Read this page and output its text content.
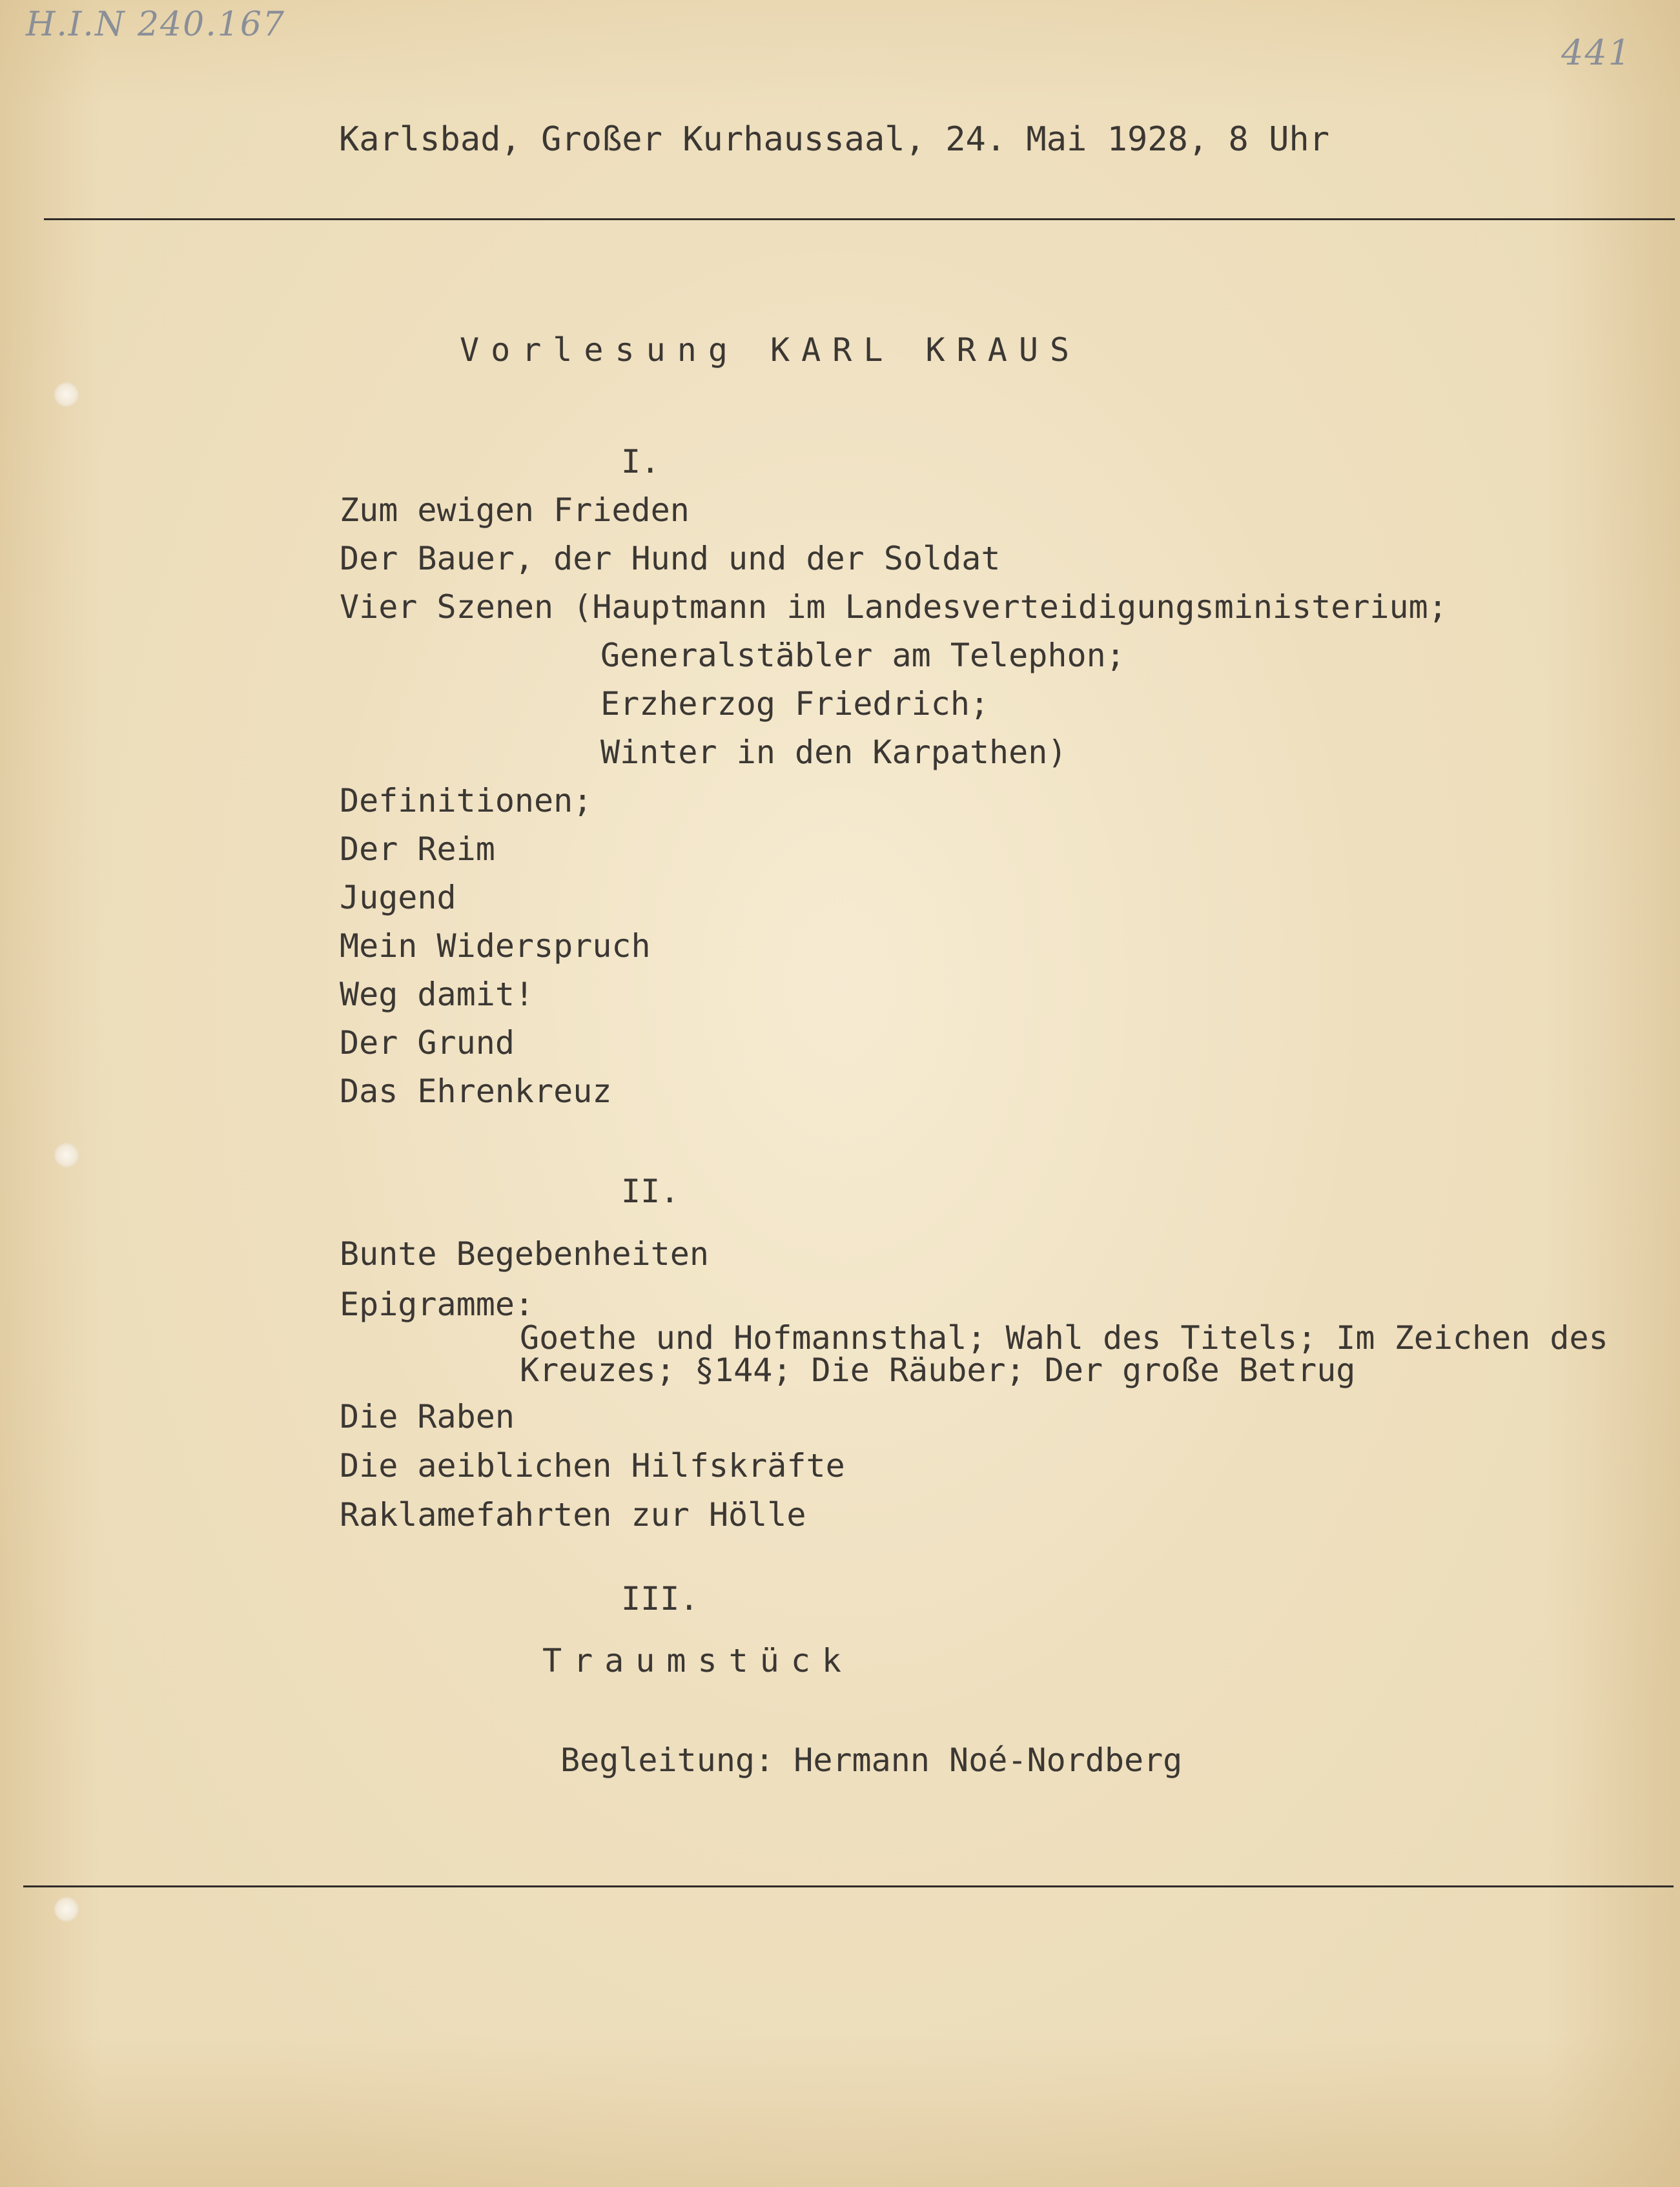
H.I.N 240.167
441
Karlsbad, Großer Kurhaussaal, 24. Mai 1928, 8 Uhr
Vorlesung KARL KRAUS
I.
Zum ewigen Frieden
Der Bauer, der Hund und der Soldat
Vier Szenen (Hauptmann im Landesverteidigungsministerium;
Generalstäbler am Telephon;
Erzherzog Friedrich;
Winter in den Karpathen)
Definitionen;
Der Reim
Jugend
Mein Widerspruch
Weg damit!
Der Grund
Das Ehrenkreuz
II.
Bunte Begebenheiten
Epigramme:
Goethe und Hofmannsthal; Wahl des Titels; Im Zeichen des
Kreuzes; §144; Die Räuber; Der große Betrug
Die Raben
Die aeiblichen Hilfskräfte
Raklamefahrten zur Hölle
III.
Traumstück
Begleitung: Hermann Noé-Nordberg
